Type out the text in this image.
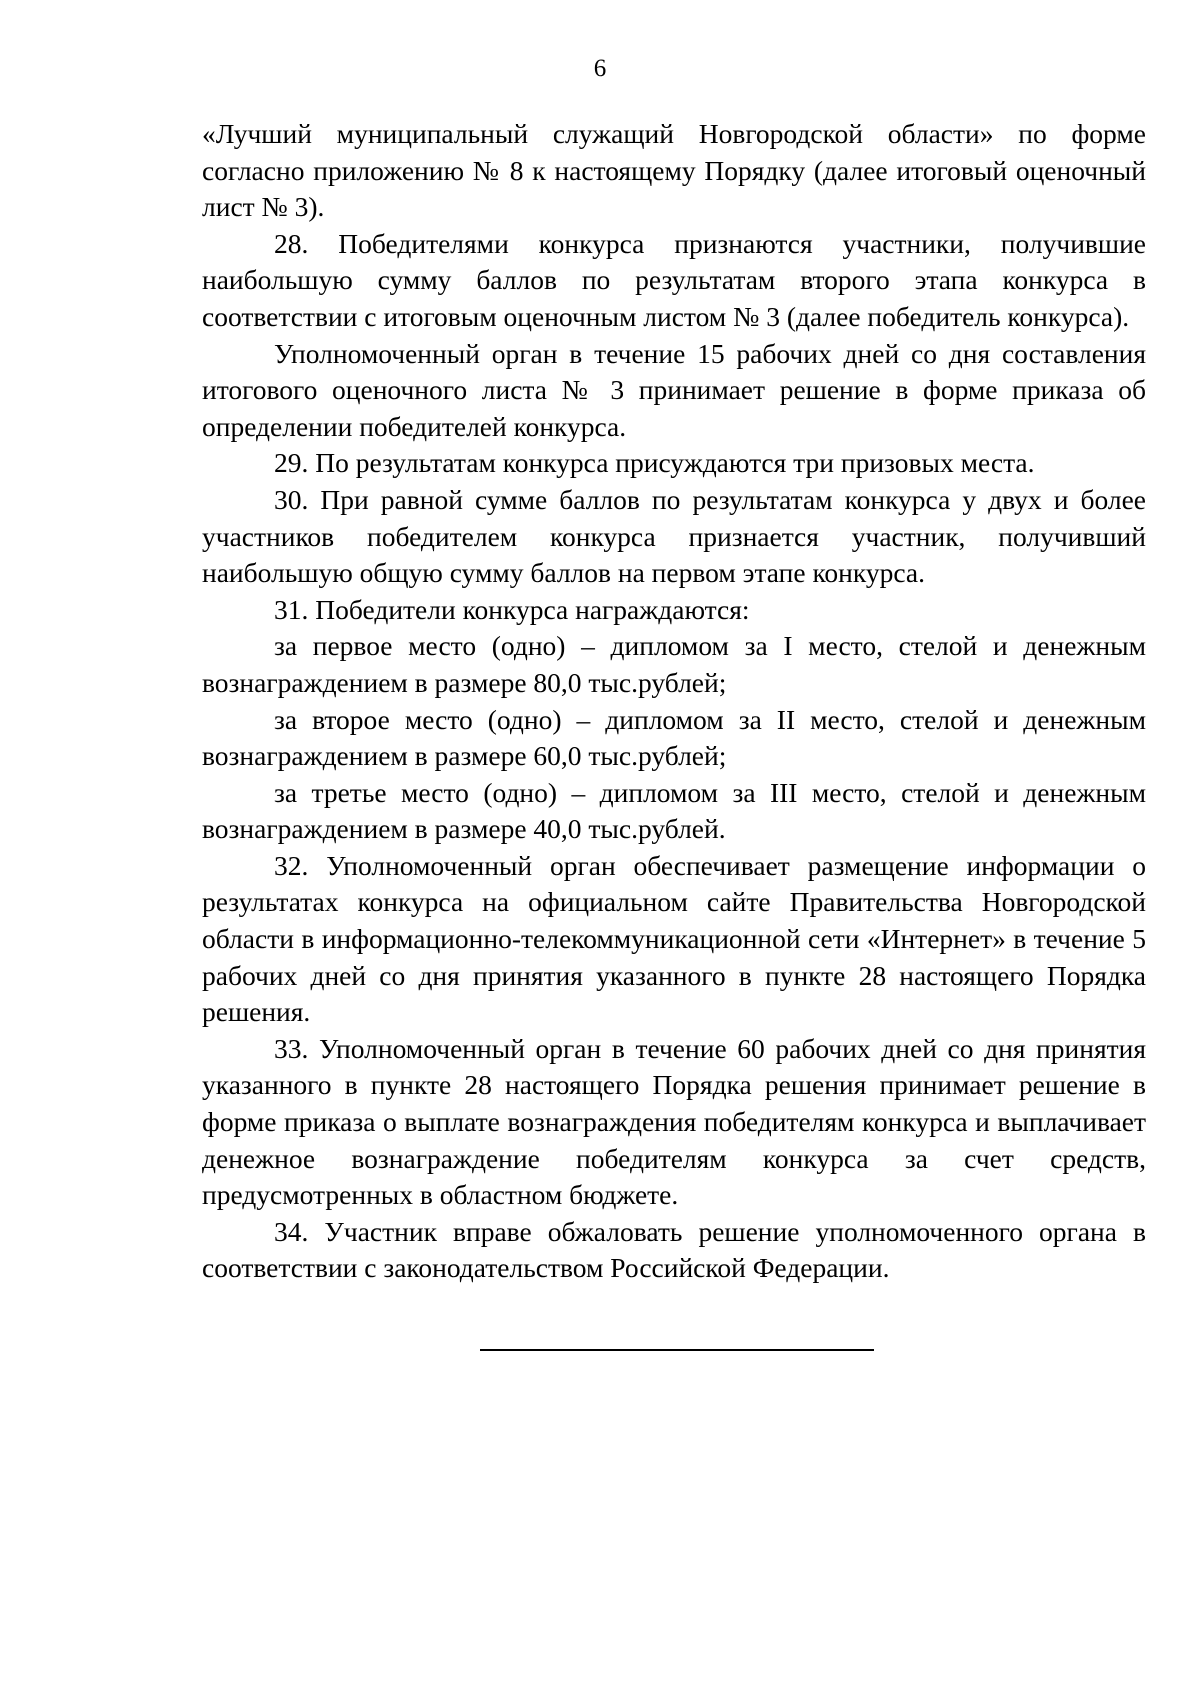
6

«Лучший муниципальный служащий Новгородской области» по форме согласно приложению № 8 к настоящему Порядку (далее итоговый оценочный лист № 3).

28. Победителями конкурса признаются участники, получившие наибольшую сумму баллов по результатам второго этапа конкурса в соответствии с итоговым оценочным листом № 3 (далее победитель конкурса).

Уполномоченный орган в течение 15 рабочих дней со дня составления итогового оценочного листа № 3 принимает решение в форме приказа об определении победителей конкурса.

29. По результатам конкурса присуждаются три призовых места.

30. При равной сумме баллов по результатам конкурса у двух и более участников победителем конкурса признается участник, получивший наибольшую общую сумму баллов на первом этапе конкурса.

31. Победители конкурса награждаются:

за первое место (одно) – дипломом за I место, стелой и денежным вознаграждением в размере 80,0 тыс.рублей;

за второе место (одно) – дипломом за II место, стелой и денежным вознаграждением в размере 60,0 тыс.рублей;

за третье место (одно) – дипломом за III место, стелой и денежным вознаграждением в размере 40,0 тыс.рублей.

32. Уполномоченный орган обеспечивает размещение информации о результатах конкурса на официальном сайте Правительства Новгородской области в информационно-телекоммуникационной сети «Интернет» в течение 5 рабочих дней со дня принятия указанного в пункте 28 настоящего Порядка решения.

33. Уполномоченный орган в течение 60 рабочих дней со дня принятия указанного в пункте 28 настоящего Порядка решения принимает решение в форме приказа о выплате вознаграждения победителям конкурса и выплачивает денежное вознаграждение победителям конкурса за счет средств, предусмотренных в областном бюджете.

34. Участник вправе обжаловать решение уполномоченного органа в соответствии с законодательством Российской Федерации.
